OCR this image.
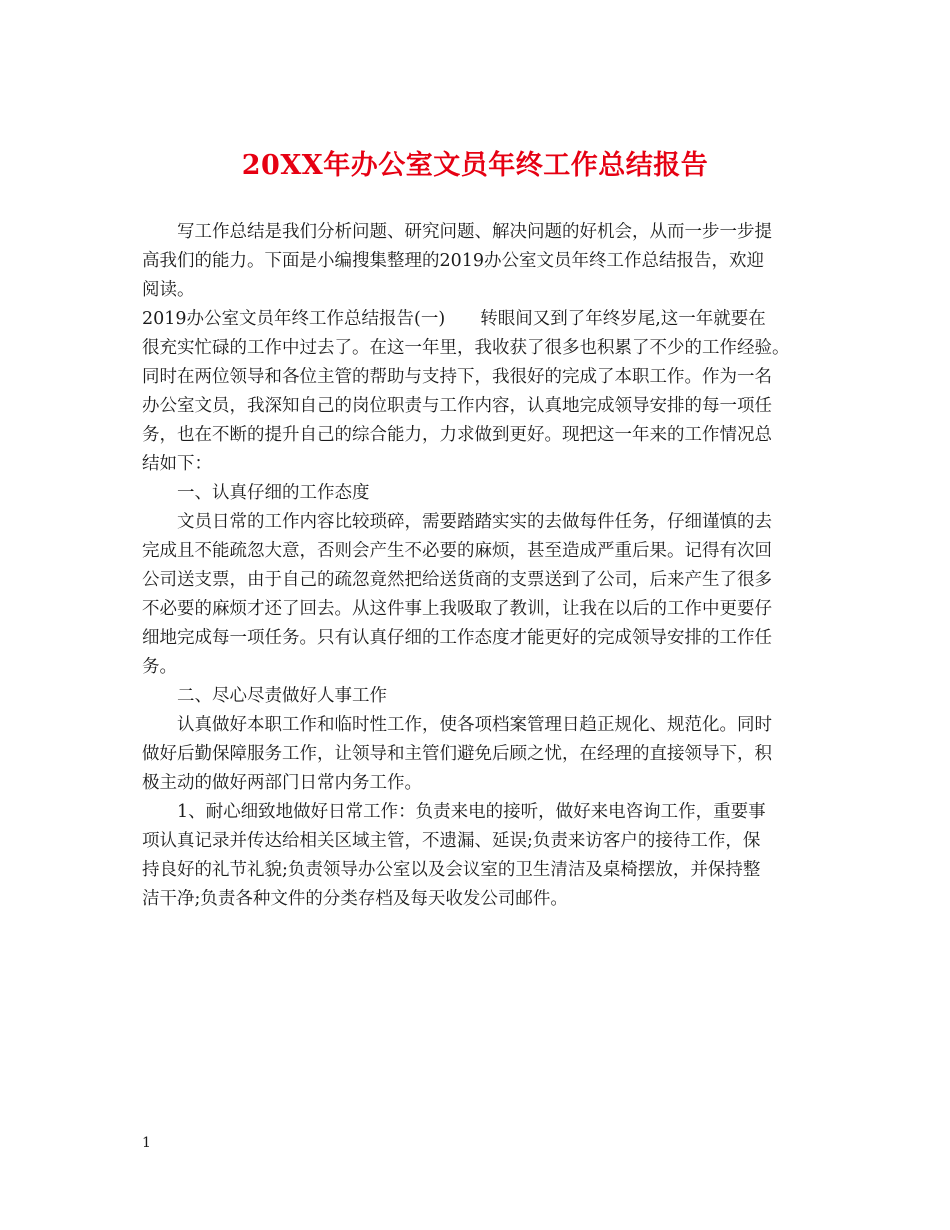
20XX年办公室文员年终工作总结报告
写工作总结是我们分析问题、研究问题、解决问题的好机会，从而一步一步提
高我们的能力。下面是小编搜集整理的2019办公室文员年终工作总结报告，欢迎
阅读。
2019办公室文员年终工作总结报告(一)　　转眼间又到了年终岁尾,这一年就要在
很充实忙碌的工作中过去了。在这一年里，我收获了很多也积累了不少的工作经验。
同时在两位领导和各位主管的帮助与支持下，我很好的完成了本职工作。作为一名
办公室文员，我深知自己的岗位职责与工作内容，认真地完成领导安排的每一项任
务，也在不断的提升自己的综合能力，力求做到更好。现把这一年来的工作情况总
结如下：
一、认真仔细的工作态度
文员日常的工作内容比较琐碎，需要踏踏实实的去做每件任务，仔细谨慎的去
完成且不能疏忽大意，否则会产生不必要的麻烦，甚至造成严重后果。记得有次回
公司送支票，由于自己的疏忽竟然把给送货商的支票送到了公司，后来产生了很多
不必要的麻烦才还了回去。从这件事上我吸取了教训，让我在以后的工作中更要仔
细地完成每一项任务。只有认真仔细的工作态度才能更好的完成领导安排的工作任
务。
二、尽心尽责做好人事工作
认真做好本职工作和临时性工作，使各项档案管理日趋正规化、规范化。同时
做好后勤保障服务工作，让领导和主管们避免后顾之忧，在经理的直接领导下，积
极主动的做好两部门日常内务工作。
1、耐心细致地做好日常工作：负责来电的接听，做好来电咨询工作，重要事
项认真记录并传达给相关区域主管，不遗漏、延误;负责来访客户的接待工作，保
持良好的礼节礼貌;负责领导办公室以及会议室的卫生清洁及桌椅摆放，并保持整
洁干净;负责各种文件的分类存档及每天收发公司邮件。
1
